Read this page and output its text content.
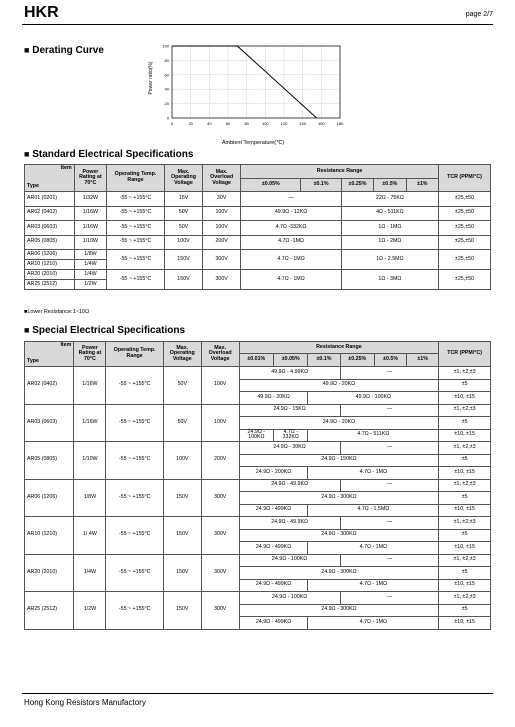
HKR	page 2/7
■ Derating Curve
0	20	40	60	80	100	120	140	160	180
0
20
40
60
80
100
Power ratio(%)
Ambient Temperature(℃)
■ Standard Electrical Specifications
Item
Type	Power Rating at 70°C	Operating Temp. Range	Max. Operating Voltage	Max. Overload Voltage	Resistance Range					TCR (PPM/°C)
					±0.05%	±0.1%	±0.25%	±0.5%	±1%	
AR01 (0201)	1/32W	-55 ~ +155°C	15V	30V	—		22Ω - 75KΩ			±25,±50
AR02 (0402)	1/16W	-55 ~ +155°C	50V	100V	49.9Ω - 12KΩ		4Ω - 511KΩ			±25,±50
AR03 (0603)	1/16W	-55 ~ +155°C	50V	100V	4.7Ω -332KΩ		1Ω - 1MΩ			±25,±50
AR05 (0805)	1/10W	-55 ~ +155°C	100V	200V	4.7Ω -1MΩ		1Ω - 2MΩ			±25,±50
AR06 (1206)	1/8W	-55 ~ +155°C	150V	300V	4.7Ω - 1MΩ		1Ω - 2.5MΩ			±25,±50
AR10 (1210)	1/4W									
AR20 (2010)	1/4W	-55 ~ +155°C	150V	300V	4.7Ω - 1MΩ		1Ω - 3MΩ			±25,±50
AR25 (2512)	1/2W									
■Lower Resistance:1~10Ω
■ Special Electrical Specifications
Item
Type	Power Rating at 70°C	Operating Temp. Range	Max. Operating Voltage	Max. Overload Voltage	Resistance Range						TCR (PPM/°C)
					±0.01%	±0.05%	±0.1%	±0.25%	±0.5%	±1%	
AR02 (0402)	1/16W	-55 ~ +155°C	50V	100V	49.9Ω - 4.99KΩ			—			±1, ±2,±3
					49.9Ω - 20KΩ						±5
					49.9Ω - 20KΩ		49.9Ω - 100KΩ				±10, ±15
AR03 (0603)	1/16W	-55 ~ +155°C	50V	100V	24.9Ω - 15KΩ			—			±1, ±2,±3
					24.9Ω - 20KΩ						±5
					24.9Ω - 100KΩ	4.7Ω - 332KΩ	4.7Ω - 511KΩ				±10, ±15
AR05 (0805)	1/10W	-55 ~ +155°C	100V	200V	24.9Ω - 30KΩ			—			±1, ±2,±3
					24.9Ω - 150KΩ						±5
					24.9Ω - 200KΩ		4.7Ω - 1MΩ				±10, ±15
AR06 (1206)	1/8W	-55 ~ +155°C	150V	300V	24.9Ω - 49.9KΩ			—			±1, ±2,±3
					24.9Ω - 300KΩ						±5
					24.9Ω - 499KΩ		4.7Ω - 1.5MΩ				±10, ±15
AR10 (1210)	1/ 4W	-55 ~ +155°C	150V	300V	24.9Ω - 49.9KΩ			—			±1, ±2,±3
					24.9Ω - 300KΩ						±5
					24.9Ω - 499KΩ		4.7Ω - 1MΩ				±10, ±15
AR20 (2010)	1/4W	-55 ~ +155°C	150V	300V	24.9Ω - 100KΩ			—			±1, ±2,±3
					24.9Ω - 300KΩ						±5
					24.9Ω - 499KΩ		4.7Ω - 1MΩ				±10, ±15
AR25 (2512)	1/2W	-55 ~ +155°C	150V	300V	24.9Ω - 100KΩ			—			±1, ±2,±3
					24.9Ω - 300KΩ						±5
					24.9Ω - 499KΩ		4.7Ω - 1MΩ				±10, ±15
Hong Kong Resistors Manufactory
